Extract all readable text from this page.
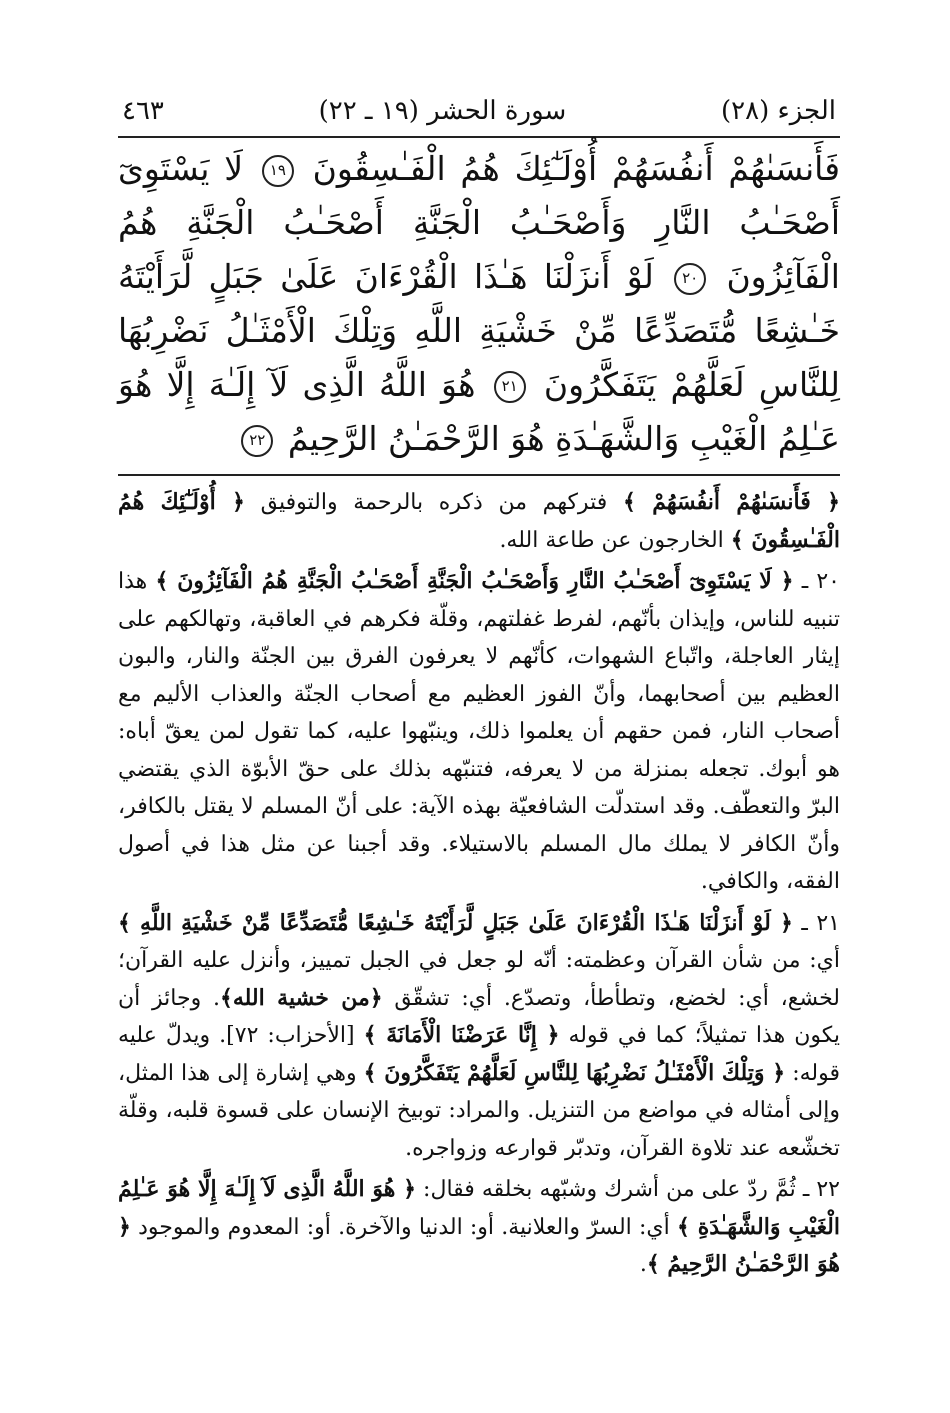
الجزء (٢٨)
سورة الحشر (١٩ ـ ٢٢)
٤٦٣
فَأَنسَىٰهُمْ أَنفُسَهُمْ أُوْلَـٰٓئِكَ هُمُ الْفَـٰسِقُونَ ١٩ لَا يَسْتَوِىٓ أَصْحَـٰبُ النَّارِ وَأَصْحَـٰبُ الْجَنَّةِ أَصْحَـٰبُ الْجَنَّةِ هُمُ الْفَآئِزُونَ ٢٠ لَوْ أَنزَلْنَا هَـٰذَا الْقُرْءَانَ عَلَىٰ جَبَلٍ لَّرَأَيْتَهُ خَـٰشِعًا مُّتَصَدِّعًا مِّنْ خَشْيَةِ اللَّهِ وَتِلْكَ الْأَمْثَـٰلُ نَضْرِبُهَا لِلنَّاسِ لَعَلَّهُمْ يَتَفَكَّرُونَ ٢١ هُوَ اللَّهُ الَّذِى لَآ إِلَـٰهَ إِلَّا هُوَ عَـٰلِمُ الْغَيْبِ وَالشَّهَـٰدَةِ هُوَ الرَّحْمَـٰنُ الرَّحِيمُ ٢٢

﴿ فَأَنسَىٰهُمْ أَنفُسَهُمْ ﴾ فتركهم من ذكره بالرحمة والتوفيق ﴿ أُوْلَـٰٓئِكَ هُمُ الْفَـٰسِقُونَ ﴾ الخارجون عن طاعة الله.

٢٠ ـ ﴿ لَا يَسْتَوِىٓ أَصْحَـٰبُ النَّارِ وَأَصْحَـٰبُ الْجَنَّةِ أَصْحَـٰبُ الْجَنَّةِ هُمُ الْفَآئِزُونَ ﴾ هذا تنبيه للناس، وإيذان بأنّهم، لفرط غفلتهم، وقلّة فكرهم في العاقبة، وتهالكهم على إيثار العاجلة، واتّباع الشهوات، كأنّهم لا يعرفون الفرق بين الجنّة والنار، والبون العظيم بين أصحابهما، وأنّ الفوز العظيم مع أصحاب الجنّة والعذاب الأليم مع أصحاب النار، فمن حقهم أن يعلموا ذلك، وينبّهوا عليه، كما تقول لمن يعقّ أباه: هو أبوك. تجعله بمنزلة من لا يعرفه، فتنبّهه بذلك على حقّ الأبوّة الذي يقتضي البرّ والتعطّف. وقد استدلّت الشافعيّة بهذه الآية: على أنّ المسلم لا يقتل بالكافر، وأنّ الكافر لا يملك مال المسلم بالاستيلاء. وقد أجبنا عن مثل هذا في أصول الفقه، والكافي.

٢١ ـ ﴿ لَوْ أَنزَلْنَا هَـٰذَا الْقُرْءَانَ عَلَىٰ جَبَلٍ لَّرَأَيْتَهُ خَـٰشِعًا مُّتَصَدِّعًا مِّنْ خَشْيَةِ اللَّهِ ﴾ أي: من شأن القرآن وعظمته: أنّه لو جعل في الجبل تمييز، وأنزل عليه القرآن؛ لخشع، أي: لخضع، وتطأطأ، وتصدّع. أي: تشقّق ﴿من خشية الله﴾. وجائز أن يكون هذا تمثيلاً؛ كما في قوله ﴿ إِنَّا عَرَضْنَا الْأَمَانَةَ ﴾ [الأحزاب: ٧٢]. ويدلّ عليه قوله: ﴿ وَتِلْكَ الْأَمْثَـٰلُ نَضْرِبُهَا لِلنَّاسِ لَعَلَّهُمْ يَتَفَكَّرُونَ ﴾ وهي إشارة إلى هذا المثل، وإلى أمثاله في مواضع من التنزيل. والمراد: توبيخ الإنسان على قسوة قلبه، وقلّة تخشّعه عند تلاوة القرآن، وتدبّر قوارعه وزواجره.

٢٢ ـ ثُمَّ ردّ على من أشرك وشبّهه بخلقه فقال: ﴿ هُوَ اللَّهُ الَّذِى لَآ إِلَـٰهَ إِلَّا هُوَ عَـٰلِمُ الْغَيْبِ وَالشَّهَـٰدَةِ ﴾ أي: السرّ والعلانية. أو: الدنيا والآخرة. أو: المعدوم والموجود ﴿ هُوَ الرَّحْمَـٰنُ الرَّحِيمُ ﴾.
